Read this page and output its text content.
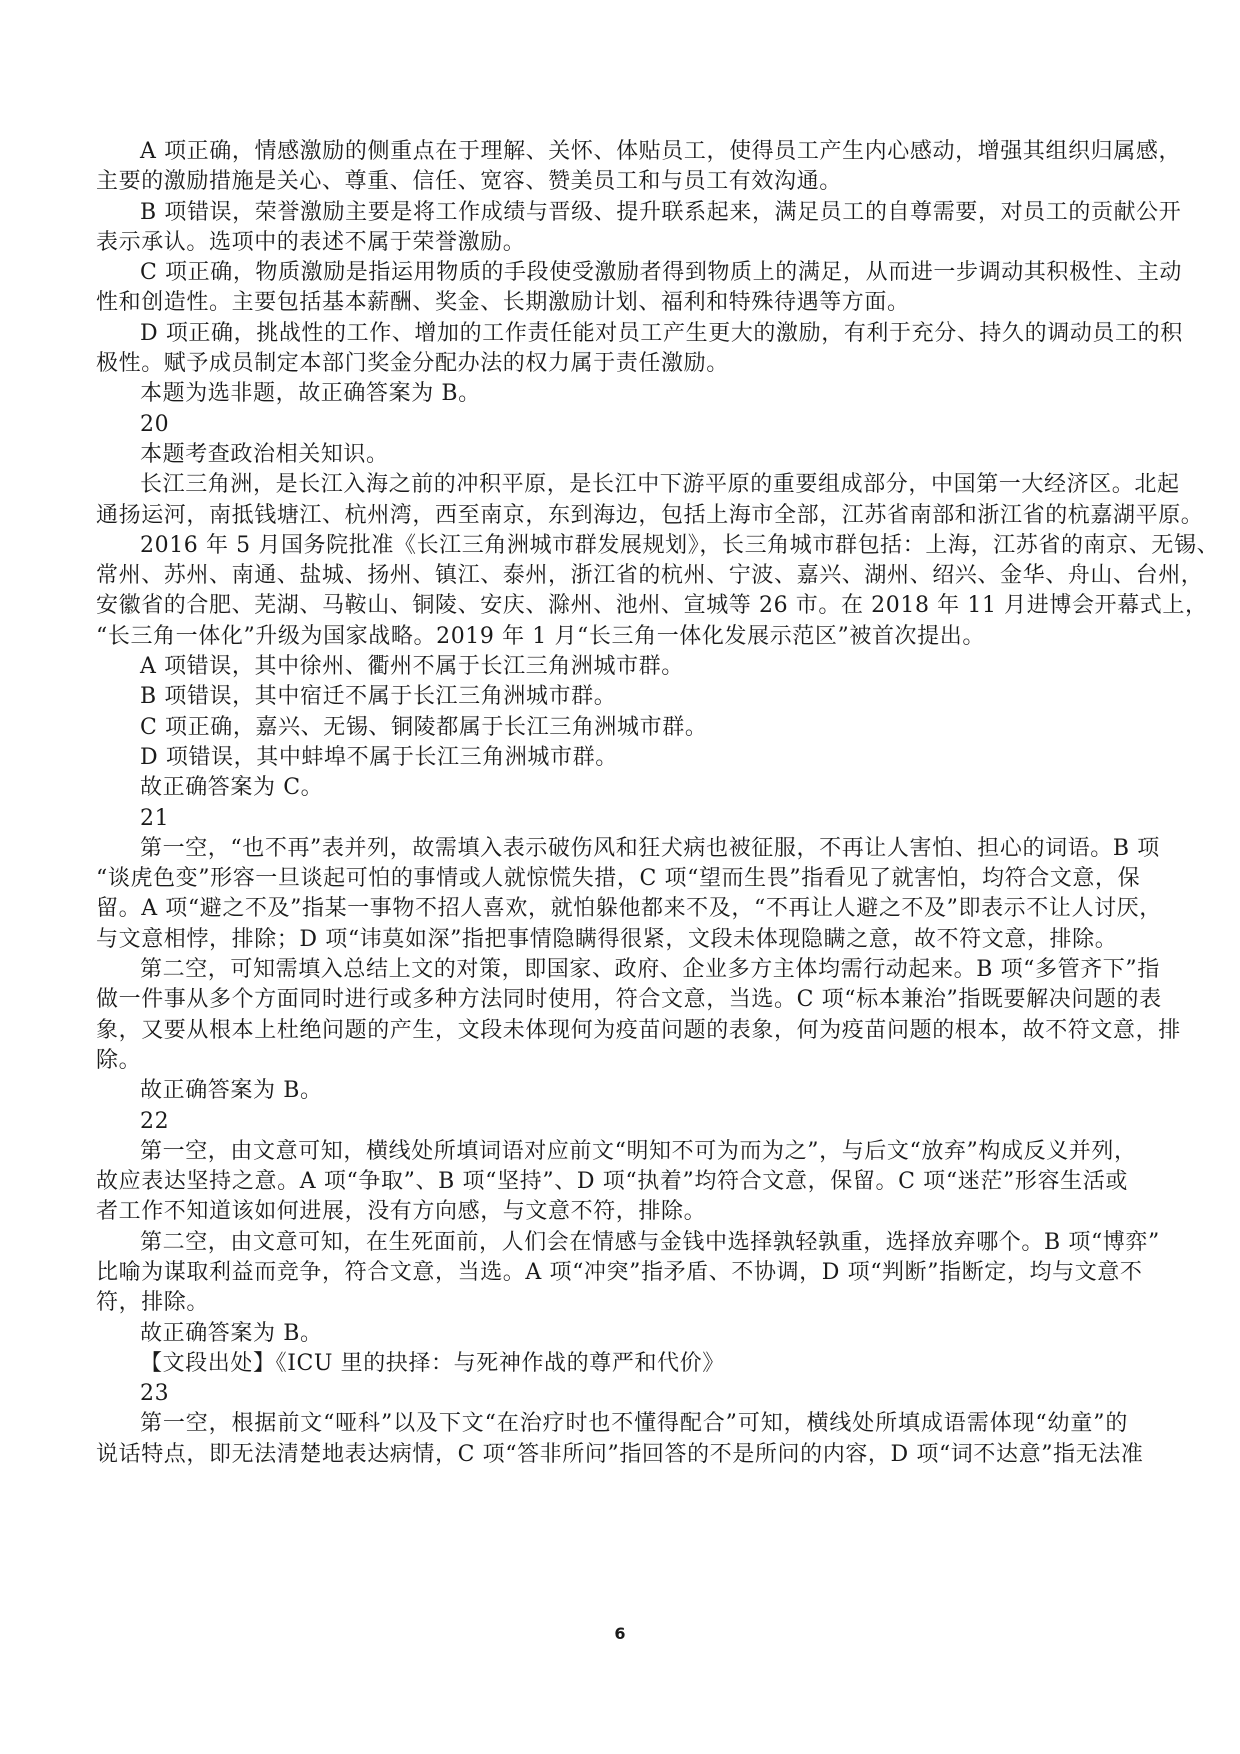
A 项正确，情感激励的侧重点在于理解、关怀、体贴员工，使得员工产生内心感动，增强其组织归属感，
主要的激励措施是关心、尊重、信任、宽容、赞美员工和与员工有效沟通。
B 项错误，荣誉激励主要是将工作成绩与晋级、提升联系起来，满足员工的自尊需要，对员工的贡献公开
表示承认。选项中的表述不属于荣誉激励。
C 项正确，物质激励是指运用物质的手段使受激励者得到物质上的满足，从而进一步调动其积极性、主动
性和创造性。主要包括基本薪酬、奖金、长期激励计划、福利和特殊待遇等方面。
D 项正确，挑战性的工作、增加的工作责任能对员工产生更大的激励，有利于充分、持久的调动员工的积
极性。赋予成员制定本部门奖金分配办法的权力属于责任激励。
本题为选非题，故正确答案为 B。
20
本题考查政治相关知识。
长江三角洲，是长江入海之前的冲积平原，是长江中下游平原的重要组成部分，中国第一大经济区。北起
通扬运河，南抵钱塘江、杭州湾，西至南京，东到海边，包括上海市全部，江苏省南部和浙江省的杭嘉湖平原。
2016 年 5 月国务院批准《长江三角洲城市群发展规划》，长三角城市群包括：上海，江苏省的南京、无锡、
常州、苏州、南通、盐城、扬州、镇江、泰州，浙江省的杭州、宁波、嘉兴、湖州、绍兴、金华、舟山、台州，
安徽省的合肥、芜湖、马鞍山、铜陵、安庆、滁州、池州、宣城等 26 市。在 2018 年 11 月进博会开幕式上，
“长三角一体化”升级为国家战略。2019 年 1 月“长三角一体化发展示范区”被首次提出。
A 项错误，其中徐州、衢州不属于长江三角洲城市群。
B 项错误，其中宿迁不属于长江三角洲城市群。
C 项正确，嘉兴、无锡、铜陵都属于长江三角洲城市群。
D 项错误，其中蚌埠不属于长江三角洲城市群。
故正确答案为 C。
21
第一空，“也不再”表并列，故需填入表示破伤风和狂犬病也被征服，不再让人害怕、担心的词语。B 项
“谈虎色变”形容一旦谈起可怕的事情或人就惊慌失措，C 项“望而生畏”指看见了就害怕，均符合文意，保
留。A 项“避之不及”指某一事物不招人喜欢，就怕躲他都来不及，“不再让人避之不及”即表示不让人讨厌，
与文意相悖，排除；D 项“讳莫如深”指把事情隐瞒得很紧，文段未体现隐瞒之意，故不符文意，排除。
第二空，可知需填入总结上文的对策，即国家、政府、企业多方主体均需行动起来。B 项“多管齐下”指
做一件事从多个方面同时进行或多种方法同时使用，符合文意，当选。C 项“标本兼治”指既要解决问题的表
象，又要从根本上杜绝问题的产生，文段未体现何为疫苗问题的表象，何为疫苗问题的根本，故不符文意，排
除。
故正确答案为 B。
22
第一空，由文意可知，横线处所填词语对应前文“明知不可为而为之”，与后文“放弃”构成反义并列，
故应表达坚持之意。A 项“争取”、B 项“坚持”、D 项“执着”均符合文意，保留。C 项“迷茫”形容生活或
者工作不知道该如何进展，没有方向感，与文意不符，排除。
第二空，由文意可知，在生死面前，人们会在情感与金钱中选择孰轻孰重，选择放弃哪个。B 项“博弈”
比喻为谋取利益而竞争，符合文意，当选。A 项“冲突”指矛盾、不协调，D 项“判断”指断定，均与文意不
符，排除。
故正确答案为 B。
【文段出处】《ICU 里的抉择：与死神作战的尊严和代价》
23
第一空，根据前文“哑科”以及下文“在治疗时也不懂得配合”可知，横线处所填成语需体现“幼童”的
说话特点，即无法清楚地表达病情，C 项“答非所问”指回答的不是所问的内容，D 项“词不达意”指无法准
6
